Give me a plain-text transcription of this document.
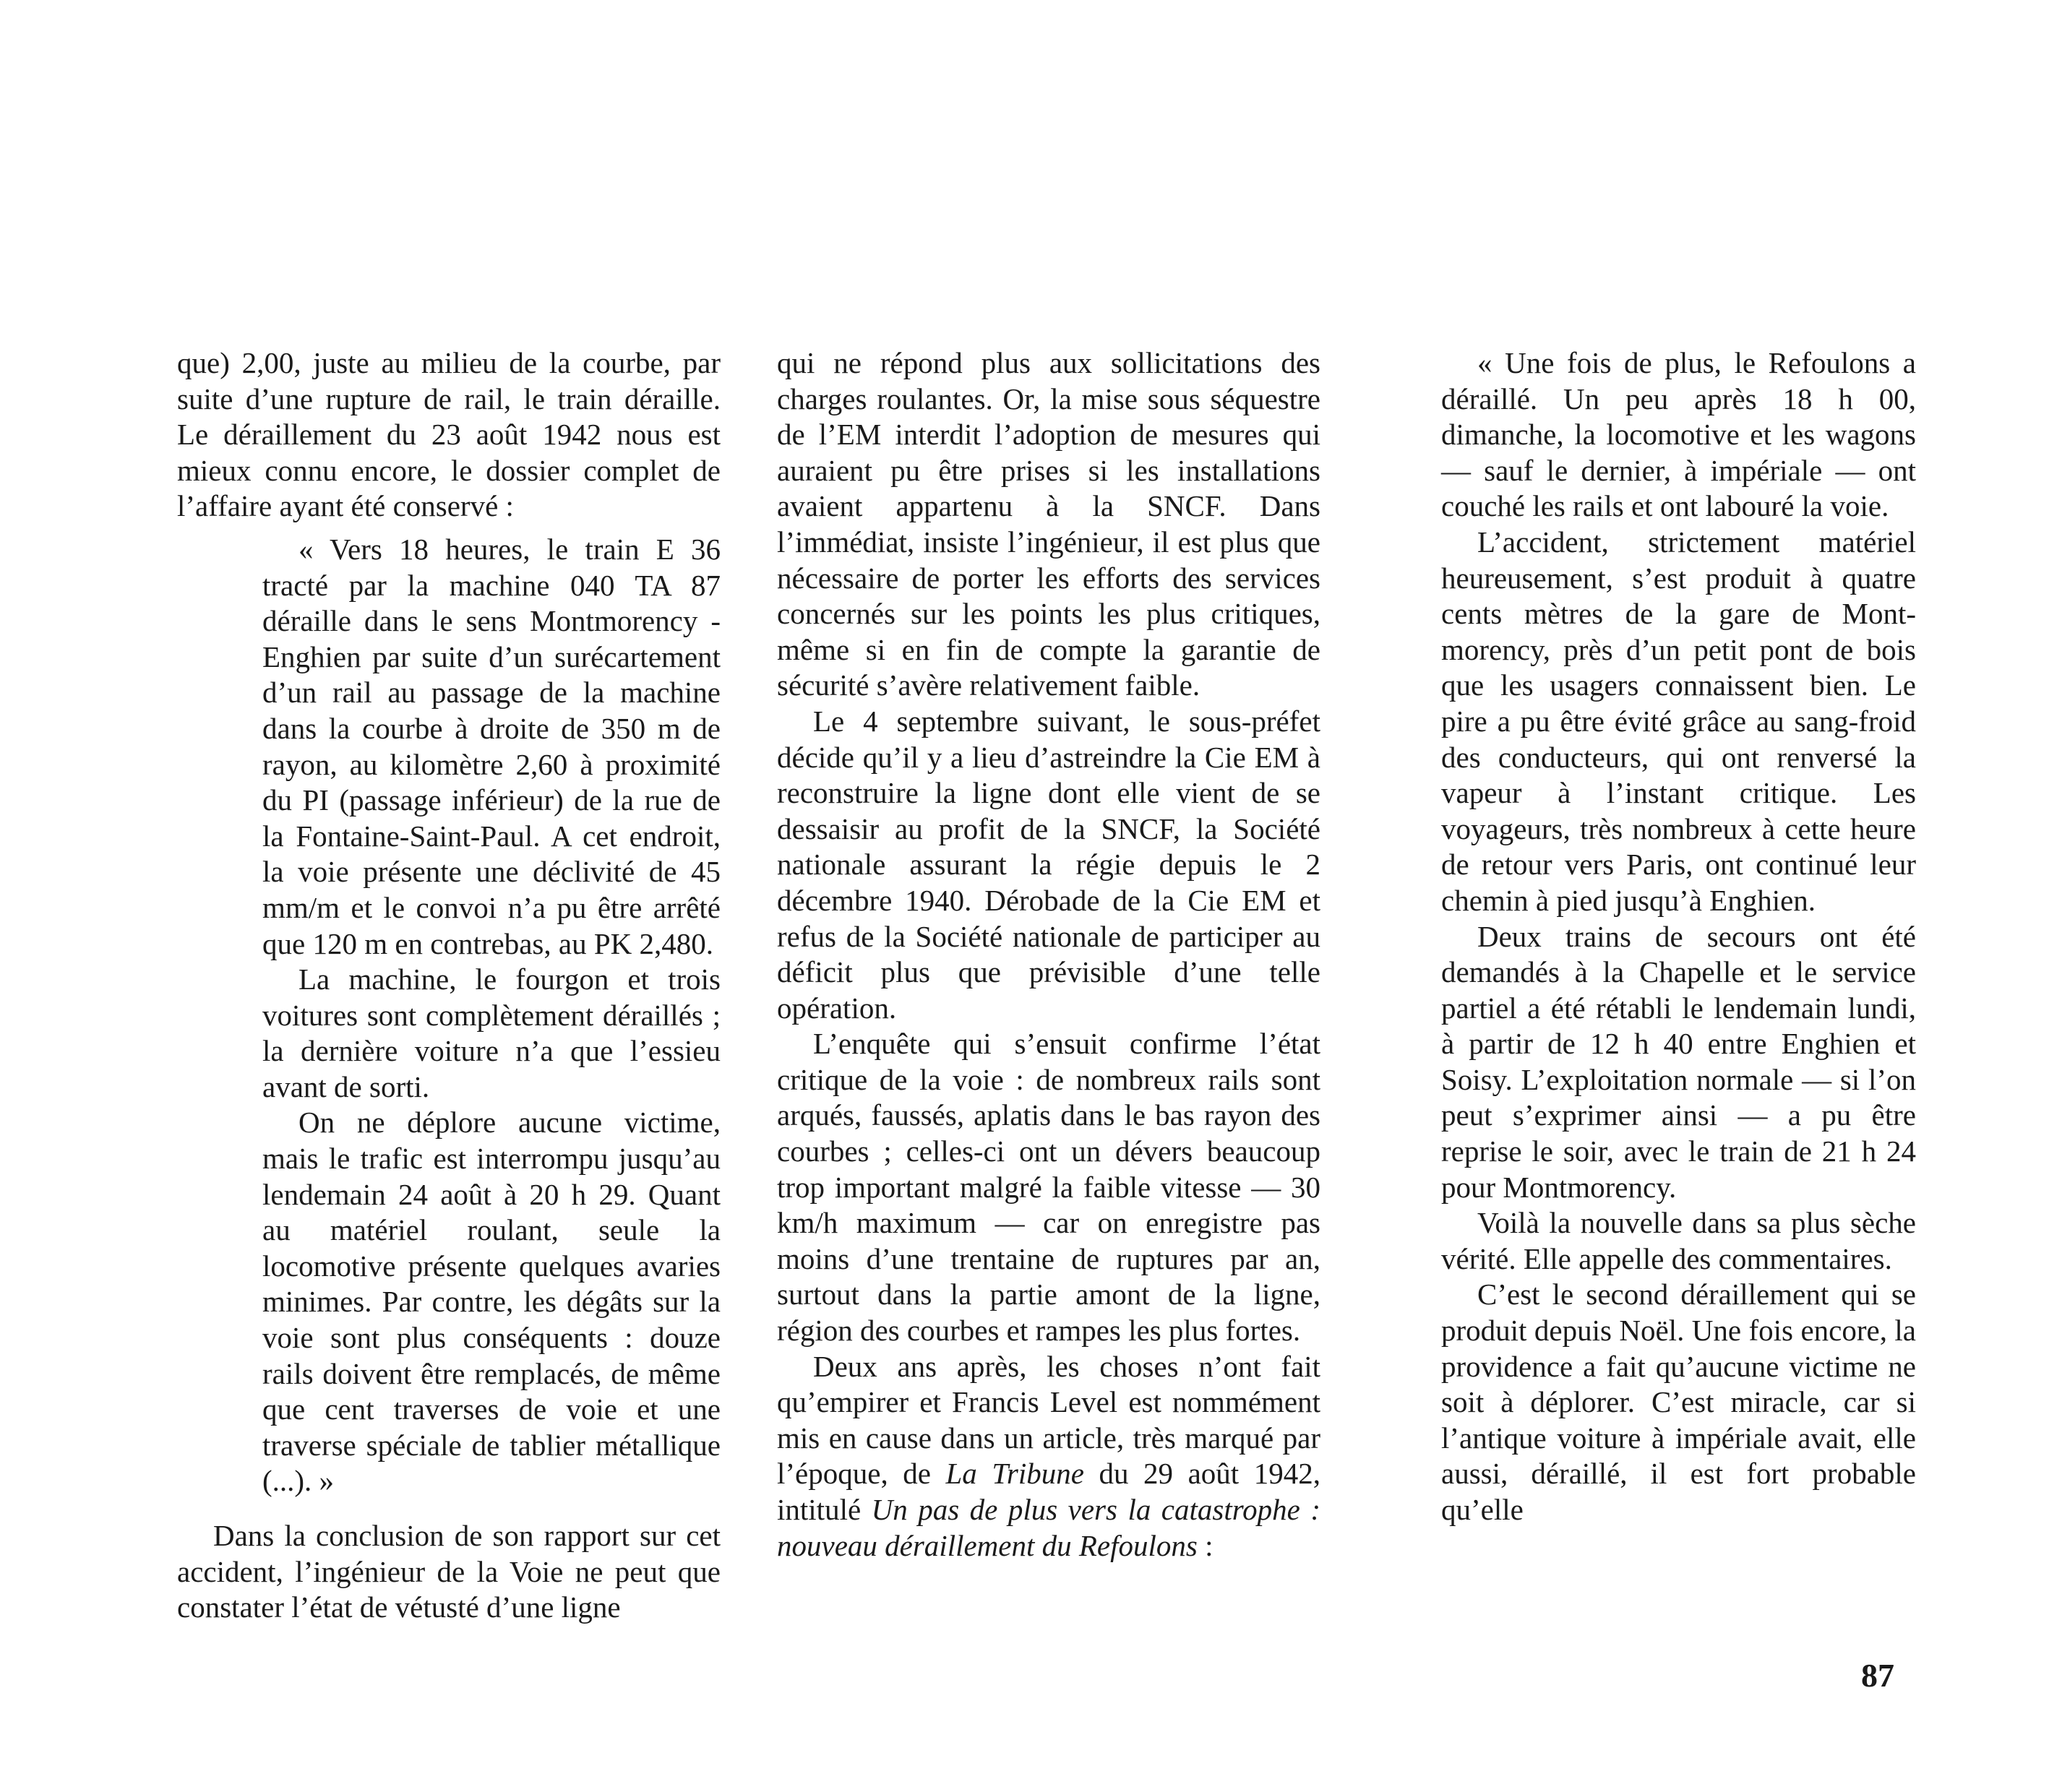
que) 2,00, juste au milieu de la courbe, par suite d’une rupture de rail, le train déraille. Le déraillement du 23 août 1942 nous est mieux connu encore, le dossier complet de l’affaire ayant été conservé :

« Vers 18 heures, le train E 36 tracté par la machine 040 TA 87 déraille dans le sens Montmorency - Enghien par suite d’un surécartement d’un rail au passage de la machine dans la courbe à droite de 350 m de rayon, au kilomètre 2,60 à proximité du PI (passage inférieur) de la rue de la Fontaine-Saint-Paul. A cet endroit, la voie présente une déclivité de 45 mm/m et le convoi n’a pu être arrêté que 120 m en contrebas, au PK 2,480.

La machine, le fourgon et trois voitures sont complètement déraillés ; la dernière voiture n’a que l’essieu avant de sorti.

On ne déplore aucune victime, mais le trafic est interrompu jusqu’au lendemain 24 août à 20 h 29. Quant au matériel roulant, seule la locomotive présente quelques avaries minimes. Par contre, les dégâts sur la voie sont plus conséquents : douze rails doivent être remplacés, de même que cent traverses de voie et une traverse spéciale de tablier métallique (...). »

Dans la conclusion de son rapport sur cet accident, l’ingénieur de la Voie ne peut que constater l’état de vétusté d’une ligne

qui ne répond plus aux sollicitations des charges roulantes. Or, la mise sous séquestre de l’EM interdit l’adoption de mesures qui auraient pu être prises si les installations avaient appartenu à la SNCF. Dans l’immédiat, insiste l’ingénieur, il est plus que nécessaire de porter les efforts des services concernés sur les points les plus critiques, même si en fin de compte la garantie de sécurité s’avère relativement faible.

Le 4 septembre suivant, le sous-préfet décide qu’il y a lieu d’astreindre la Cie EM à reconstruire la ligne dont elle vient de se dessaisir au profit de la SNCF, la Société nationale assurant la régie depuis le 2 décembre 1940. Dérobade de la Cie EM et refus de la Société nationale de participer au déficit plus que prévisible d’une telle opération.

L’enquête qui s’ensuit confirme l’état critique de la voie : de nombreux rails sont arqués, faussés, aplatis dans le bas rayon des courbes ; celles-ci ont un dévers beaucoup trop important malgré la faible vitesse — 30 km/h maximum — car on enregistre pas moins d’une trentaine de ruptures par an, surtout dans la partie amont de la ligne, région des courbes et rampes les plus fortes.

Deux ans après, les choses n’ont fait qu’empirer et Francis Level est nommément mis en cause dans un article, très marqué par l’époque, de La Tribune du 29 août 1942, intitulé Un pas de plus vers la catastrophe : nouveau déraillement du Refoulons :

« Une fois de plus, le Refoulons a déraillé. Un peu après 18 h 00, dimanche, la locomotive et les wagons — sauf le dernier, à impériale — ont couché les rails et ont labouré la voie.

L’accident, strictement matériel heureusement, s’est produit à quatre cents mètres de la gare de Montmorency, près d’un petit pont de bois que les usagers connaissent bien. Le pire a pu être évité grâce au sang-froid des conducteurs, qui ont renversé la vapeur à l’instant critique. Les voyageurs, très nombreux à cette heure de retour vers Paris, ont continué leur chemin à pied jusqu’à Enghien.

Deux trains de secours ont été demandés à la Chapelle et le service partiel a été rétabli le lendemain lundi, à partir de 12 h 40 entre Enghien et Soisy. L’exploitation normale — si l’on peut s’exprimer ainsi — a pu être reprise le soir, avec le train de 21 h 24 pour Montmorency.

Voilà la nouvelle dans sa plus sèche vérité. Elle appelle des commentaires.

C’est le second déraillement qui se produit depuis Noël. Une fois encore, la providence a fait qu’aucune victime ne soit à déplorer. C’est miracle, car si l’antique voiture à impériale avait, elle aussi, déraillé, il est fort probable qu’elle

87
